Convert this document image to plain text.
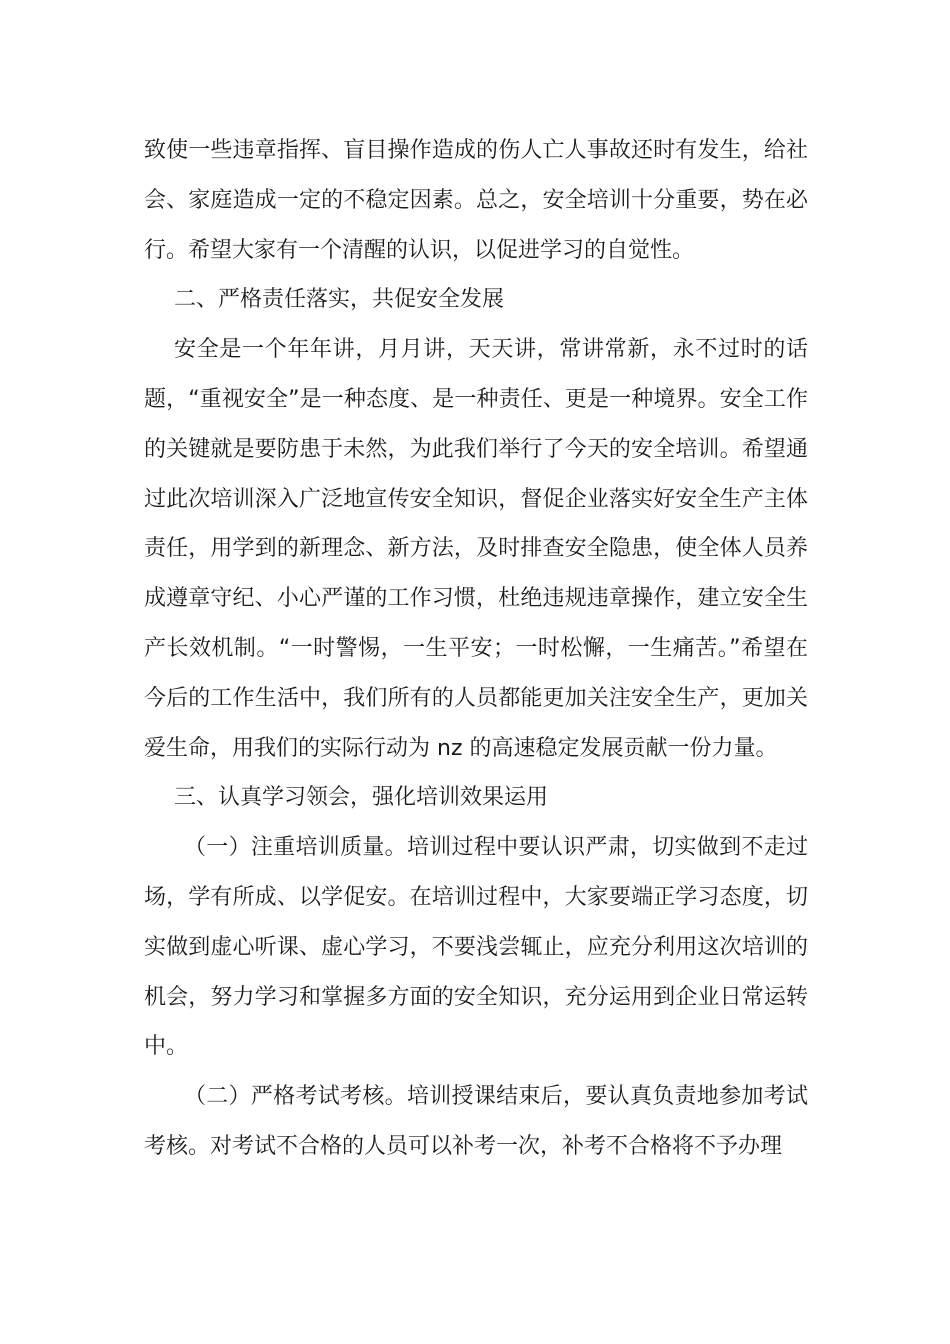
致使一些违章指挥、盲目操作造成的伤人亡人事故还时有发生，给社会、家庭造成一定的不稳定因素。总之，安全培训十分重要，势在必行。希望大家有一个清醒的认识，以促进学习的自觉性。

二、严格责任落实，共促安全发展

安全是一个年年讲，月月讲，天天讲，常讲常新，永不过时的话题，“重视安全”是一种态度、是一种责任、更是一种境界。安全工作的关键就是要防患于未然，为此我们举行了今天的安全培训。希望通过此次培训深入广泛地宣传安全知识，督促企业落实好安全生产主体责任，用学到的新理念、新方法，及时排查安全隐患，使全体人员养成遵章守纪、小心严谨的工作习惯，杜绝违规违章操作，建立安全生产长效机制。“一时警惕，一生平安；一时松懈，一生痛苦。”希望在今后的工作生活中，我们所有的人员都能更加关注安全生产，更加关爱生命，用我们的实际行动为 nz 的高速稳定发展贡献一份力量。

三、认真学习领会，强化培训效果运用

（一）注重培训质量。培训过程中要认识严肃，切实做到不走过场，学有所成、以学促安。在培训过程中，大家要端正学习态度，切实做到虚心听课、虚心学习，不要浅尝辄止，应充分利用这次培训的机会，努力学习和掌握多方面的安全知识，充分运用到企业日常运转中。

（二）严格考试考核。培训授课结束后，要认真负责地参加考试考核。对考试不合格的人员可以补考一次，补考不合格将不予办理
